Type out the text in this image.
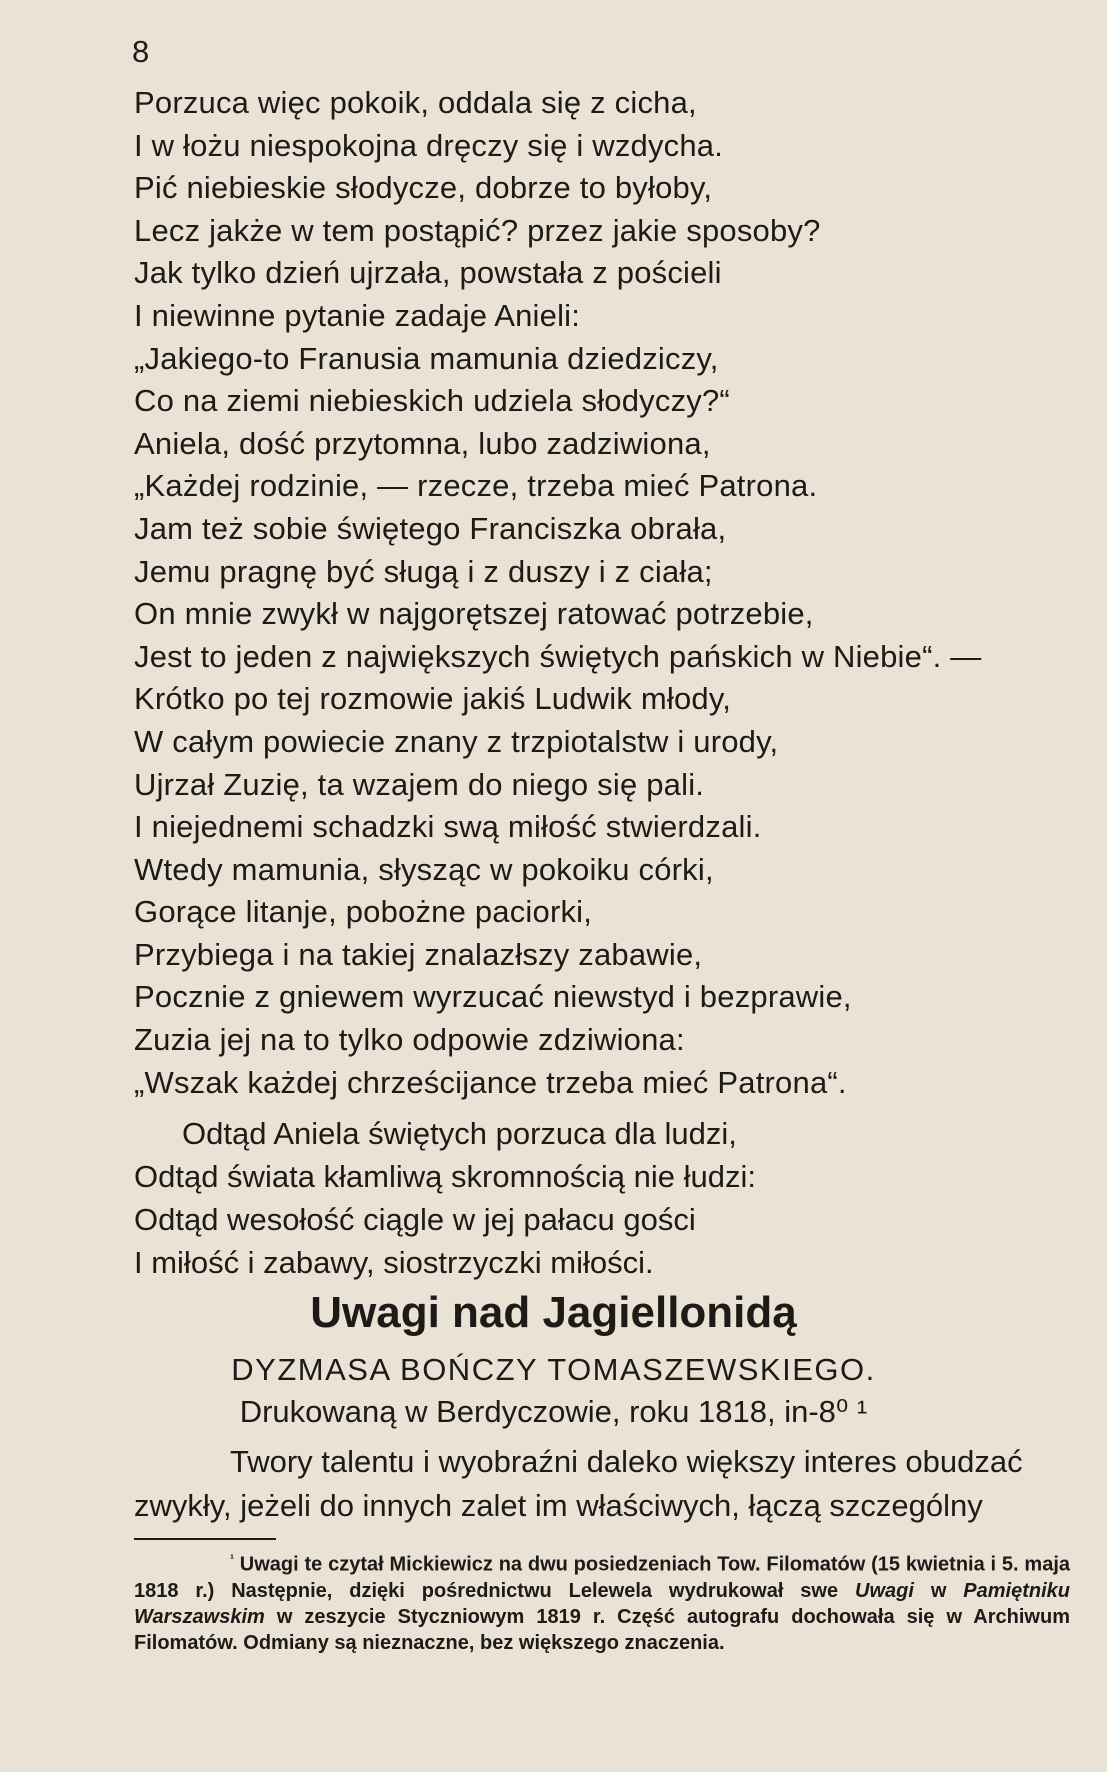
8
Porzuca więc pokoik, oddala się z cicha,
I w łożu niespokojna dręczy się i wzdycha.
Pić niebieskie słodycze, dobrze to byłoby,
Lecz jakże w tem postąpić? przez jakie sposoby?
Jak tylko dzień ujrzała, powstała z pościeli
I niewinne pytanie zadaje Anieli:
„Jakiego-to Franusia mamunia dziedziczy,
Co na ziemi niebieskich udziela słodyczy?“
Aniela, dość przytomna, lubo zadziwiona,
„Każdej rodzinie, — rzecze, trzeba mieć Patrona.
Jam też sobie świętego Franciszka obrała,
Jemu pragnę być sługą i z duszy i z ciała;
On mnie zwykł w najgorętszej ratować potrzebie,
Jest to jeden z największych świętych pańskich w Niebie“. —
Krótko po tej rozmowie jakiś Ludwik młody,
W całym powiecie znany z trzpiotalstw i urody,
Ujrzał Zuzię, ta wzajem do niego się pali.
I niejednemi schadzki swą miłość stwierdzali.
Wtedy mamunia, słysząc w pokoiku córki,
Gorące litanje, pobożne paciorki,
Przybiega i na takiej znalazłszy zabawie,
Pocznie z gniewem wyrzucać niewstyd i bezprawie,
Zuzia jej na to tylko odpowie zdziwiona:
„Wszak każdej chrześcijance trzeba mieć Patrona“.
Odtąd Aniela świętych porzuca dla ludzi,
Odtąd świata kłamliwą skromnością nie łudzi:
Odtąd wesołość ciągle w jej pałacu gości
I miłość i zabawy, siostrzyczki miłości.
Uwagi nad Jagiellonidą
DYZMASA BOŃCZY TOMASZEWSKIEGO.
Drukowaną w Berdyczowie, roku 1818, in-8⁰ ¹
Twory talentu i wyobraźni daleko większy interes obudzać
zwykły, jeżeli do innych zalet im właściwych, łączą szczególny
$^{^1}$ Uwagi te czytał Mickiewicz na dwu posiedzeniach Tow. Filomatów (15 kwietnia i 5. maja 1818 r.) Następnie, dzięki pośrednictwu Lelewela wydrukował swe Uwagi w Pamiętniku Warszawskim w zeszycie Styczniowym 1819 r. Część autografu dochowała się w Archiwum Filomatów. Odmiany są nieznaczne, bez większego znaczenia.
